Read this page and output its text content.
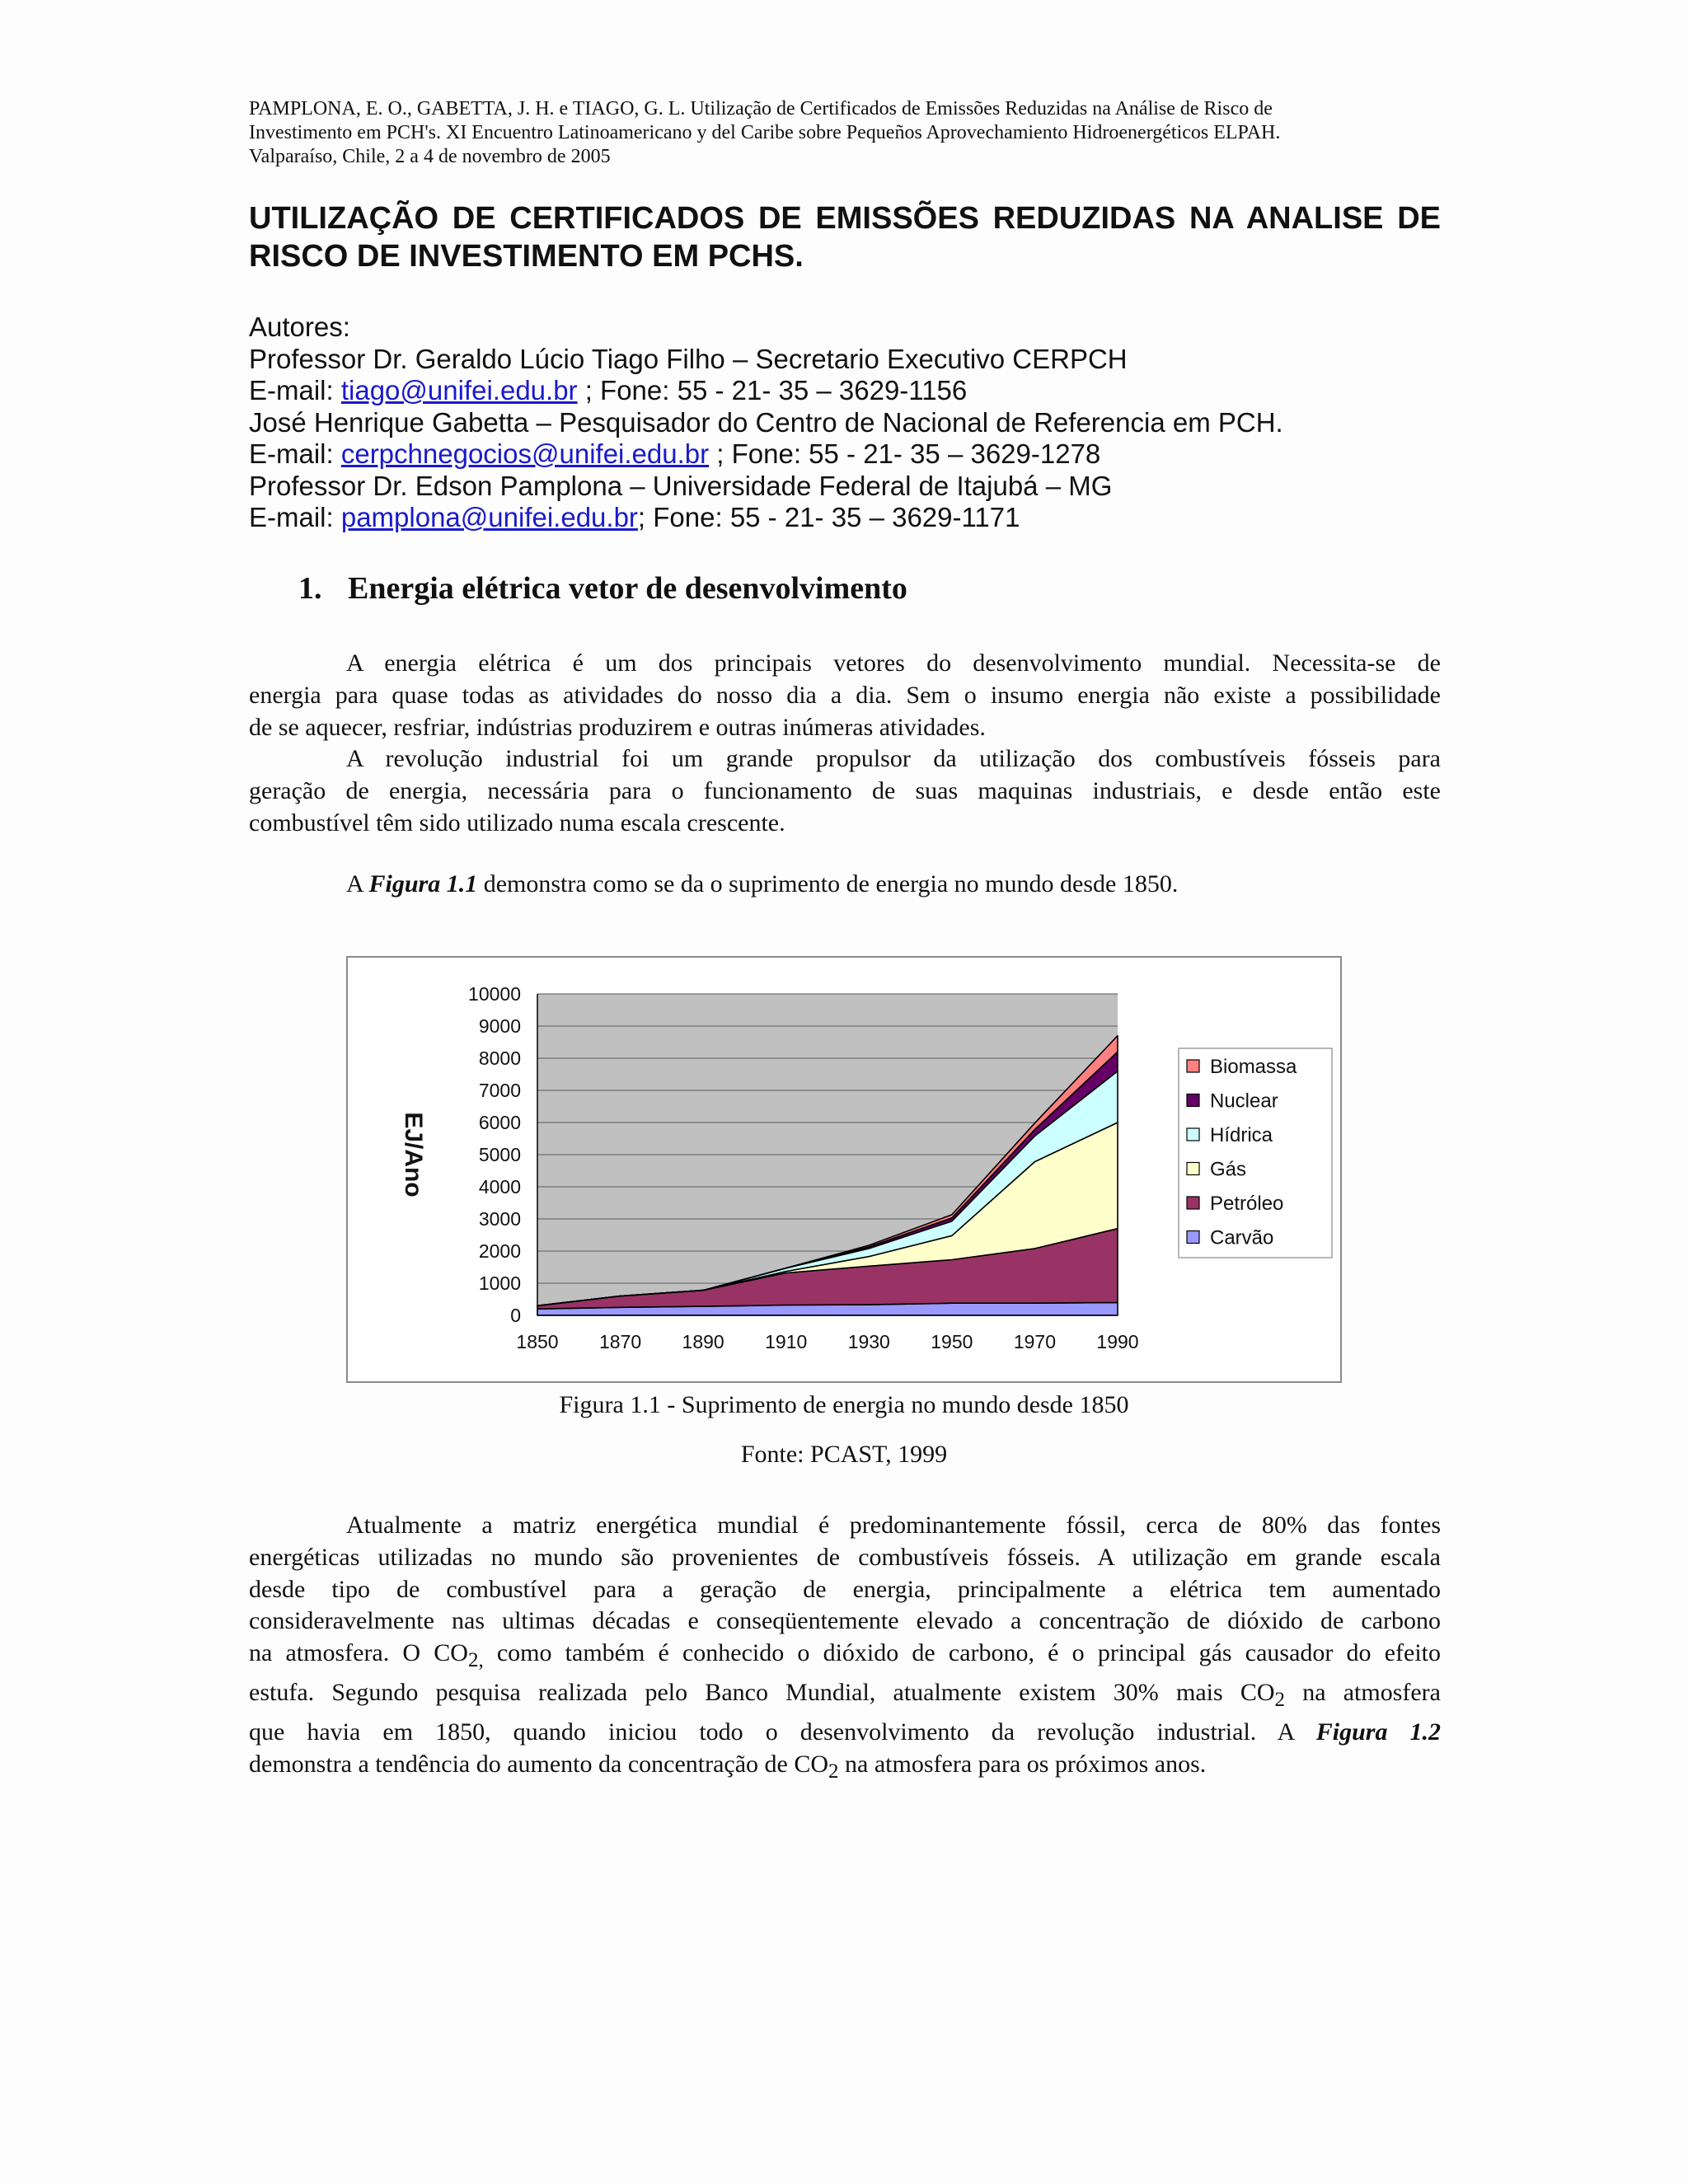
PAMPLONA, E. O., GABETTA, J. H. e TIAGO, G. L. Utilização de Certificados de Emissões Reduzidas na Análise de Risco de
Investimento em PCH's. XI Encuentro Latinoamericano y del Caribe sobre Pequeños Aprovechamiento Hidroenergéticos ELPAH.
Valparaíso, Chile, 2 a 4 de novembro de 2005
UTILIZAÇÃO DE CERTIFICADOS DE EMISSÕES REDUZIDAS NA ANALISE DE RISCO DE INVESTIMENTO EM PCHS.
Autores:
Professor Dr. Geraldo Lúcio Tiago Filho – Secretario Executivo CERPCH
E-mail: tiago@unifei.edu.br ; Fone: 55 - 21- 35 – 3629-1156
José Henrique Gabetta – Pesquisador do Centro de Nacional de Referencia em PCH.
E-mail: cerpchnegocios@unifei.edu.br ; Fone: 55 - 21- 35 – 3629-1278
Professor Dr. Edson Pamplona – Universidade Federal de Itajubá – MG
E-mail: pamplona@unifei.edu.br; Fone: 55 - 21- 35 – 3629-1171
1. Energia elétrica vetor de desenvolvimento
A energia elétrica é um dos principais vetores do desenvolvimento mundial. Necessita-se de
energia para quase todas as atividades do nosso dia a dia. Sem o insumo energia não existe a possibilidade
de se aquecer, resfriar, indústrias produzirem e outras inúmeras atividades.
A revolução industrial foi um grande propulsor da utilização dos combustíveis fósseis para
geração de energia, necessária para o funcionamento de suas maquinas industriais, e desde então este
combustível têm sido utilizado numa escala crescente.
A Figura 1.1 demonstra como se da o suprimento de energia no mundo desde 1850.
0
1000
2000
3000
4000
5000
6000
7000
8000
9000
10000
1850 1870 1890 1910 1930 1950 1970 1990
EJ/Ano
Biomassa
Nuclear
Hídrica
Gás
Petróleo
Carvão
Figura 1.1 - Suprimento de energia no mundo desde 1850
Fonte: PCAST, 1999
Atualmente a matriz energética mundial é predominantemente fóssil, cerca de 80% das fontes
energéticas utilizadas no mundo são provenientes de combustíveis fósseis. A utilização em grande escala
desde tipo de combustível para a geração de energia, principalmente a elétrica tem aumentado
consideravelmente nas ultimas décadas e conseqüentemente elevado a concentração de dióxido de carbono
na atmosfera. O $CO_{2,}$ como também é conhecido o dióxido de carbono, é o principal gás causador do efeito
estufa. Segundo pesquisa realizada pelo Banco Mundial, atualmente existem 30% mais $CO_2$ na atmosfera
que havia em 1850, quando iniciou todo o desenvolvimento da revolução industrial. A Figura 1.2
demonstra a tendência do aumento da concentração de $CO_2$ na atmosfera para os próximos anos.
